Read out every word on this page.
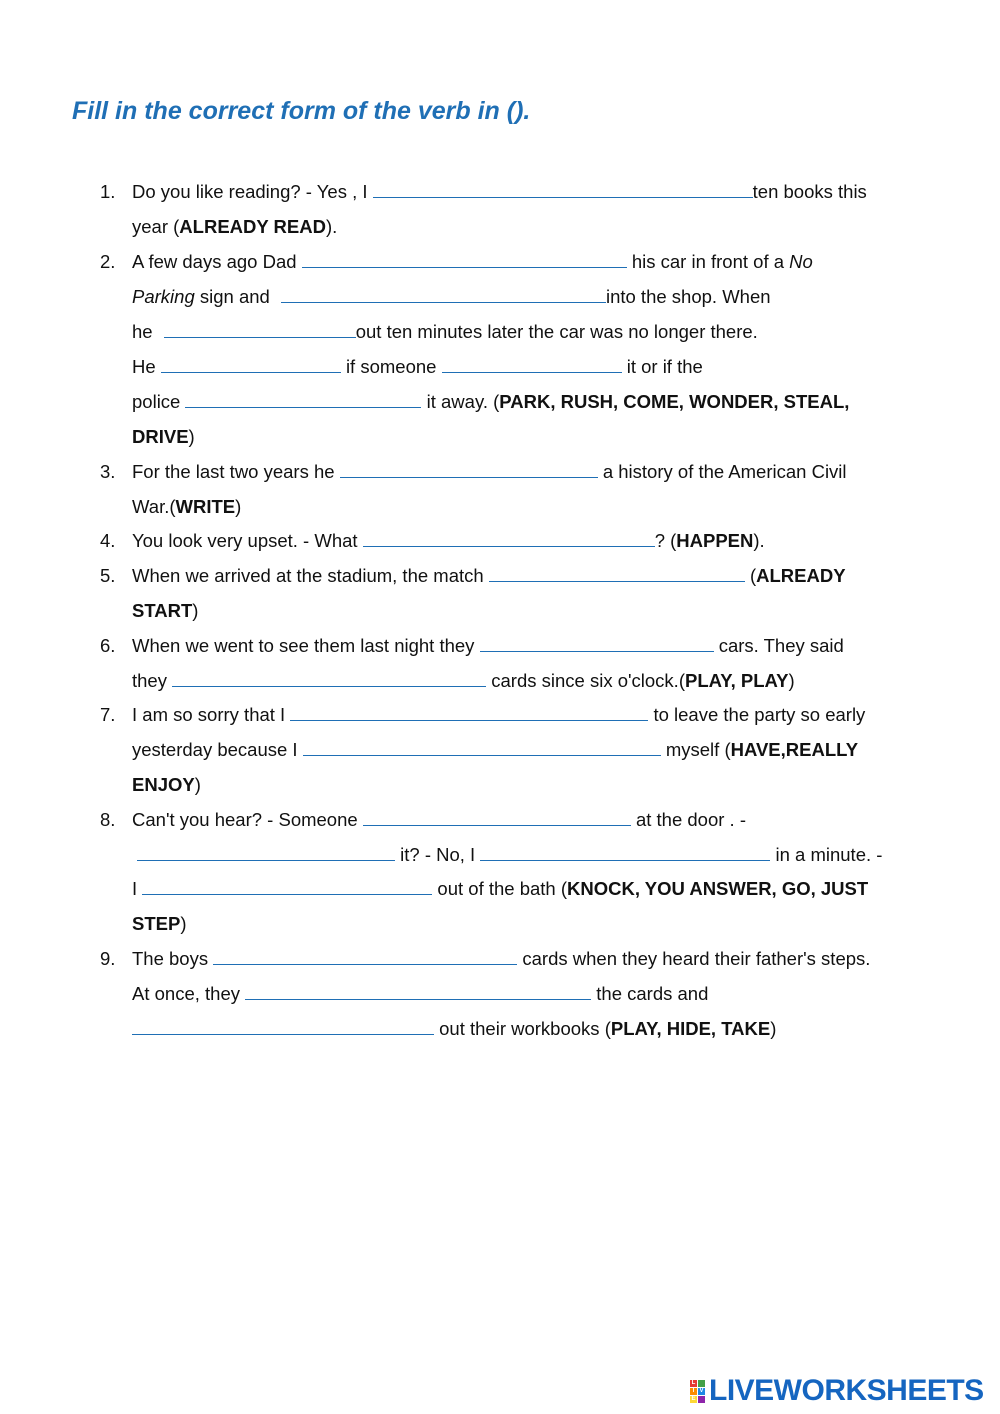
Fill in the correct form of the verb in ().
1. Do you like reading? - Yes , I	ten books this
year (ALREADY READ).
2. A few days ago Dad	his car in front of a No
Parking sign and	into the shop. When
he	out ten minutes later the car was no longer there.
He	if someone	it or if the
police	it away. (PARK, RUSH, COME, WONDER, STEAL,
DRIVE)
3. For the last two years he	a history of the American Civil
War.(WRITE)
4. You look very upset. - What	? (HAPPEN).
5. When we arrived at the stadium, the match	(ALREADY
START)
6. When we went to see them last night they	cars. They said
they	cards since six o'clock.(PLAY, PLAY)
7. I am so sorry that I	to leave the party so early
yesterday because I	myself (HAVE,REALLY
ENJOY)
8. Can't you hear? - Someone	at the door . -
it? - No, I	in a minute. -
I	out of the bath (KNOCK, YOU ANSWER, GO, JUST
STEP)
9. The boys	cards when they heard their father's steps.
At once, they	the cards and
out their workbooks (PLAY, HIDE, TAKE)
L
I V
E LIVEWORKSHEETS
